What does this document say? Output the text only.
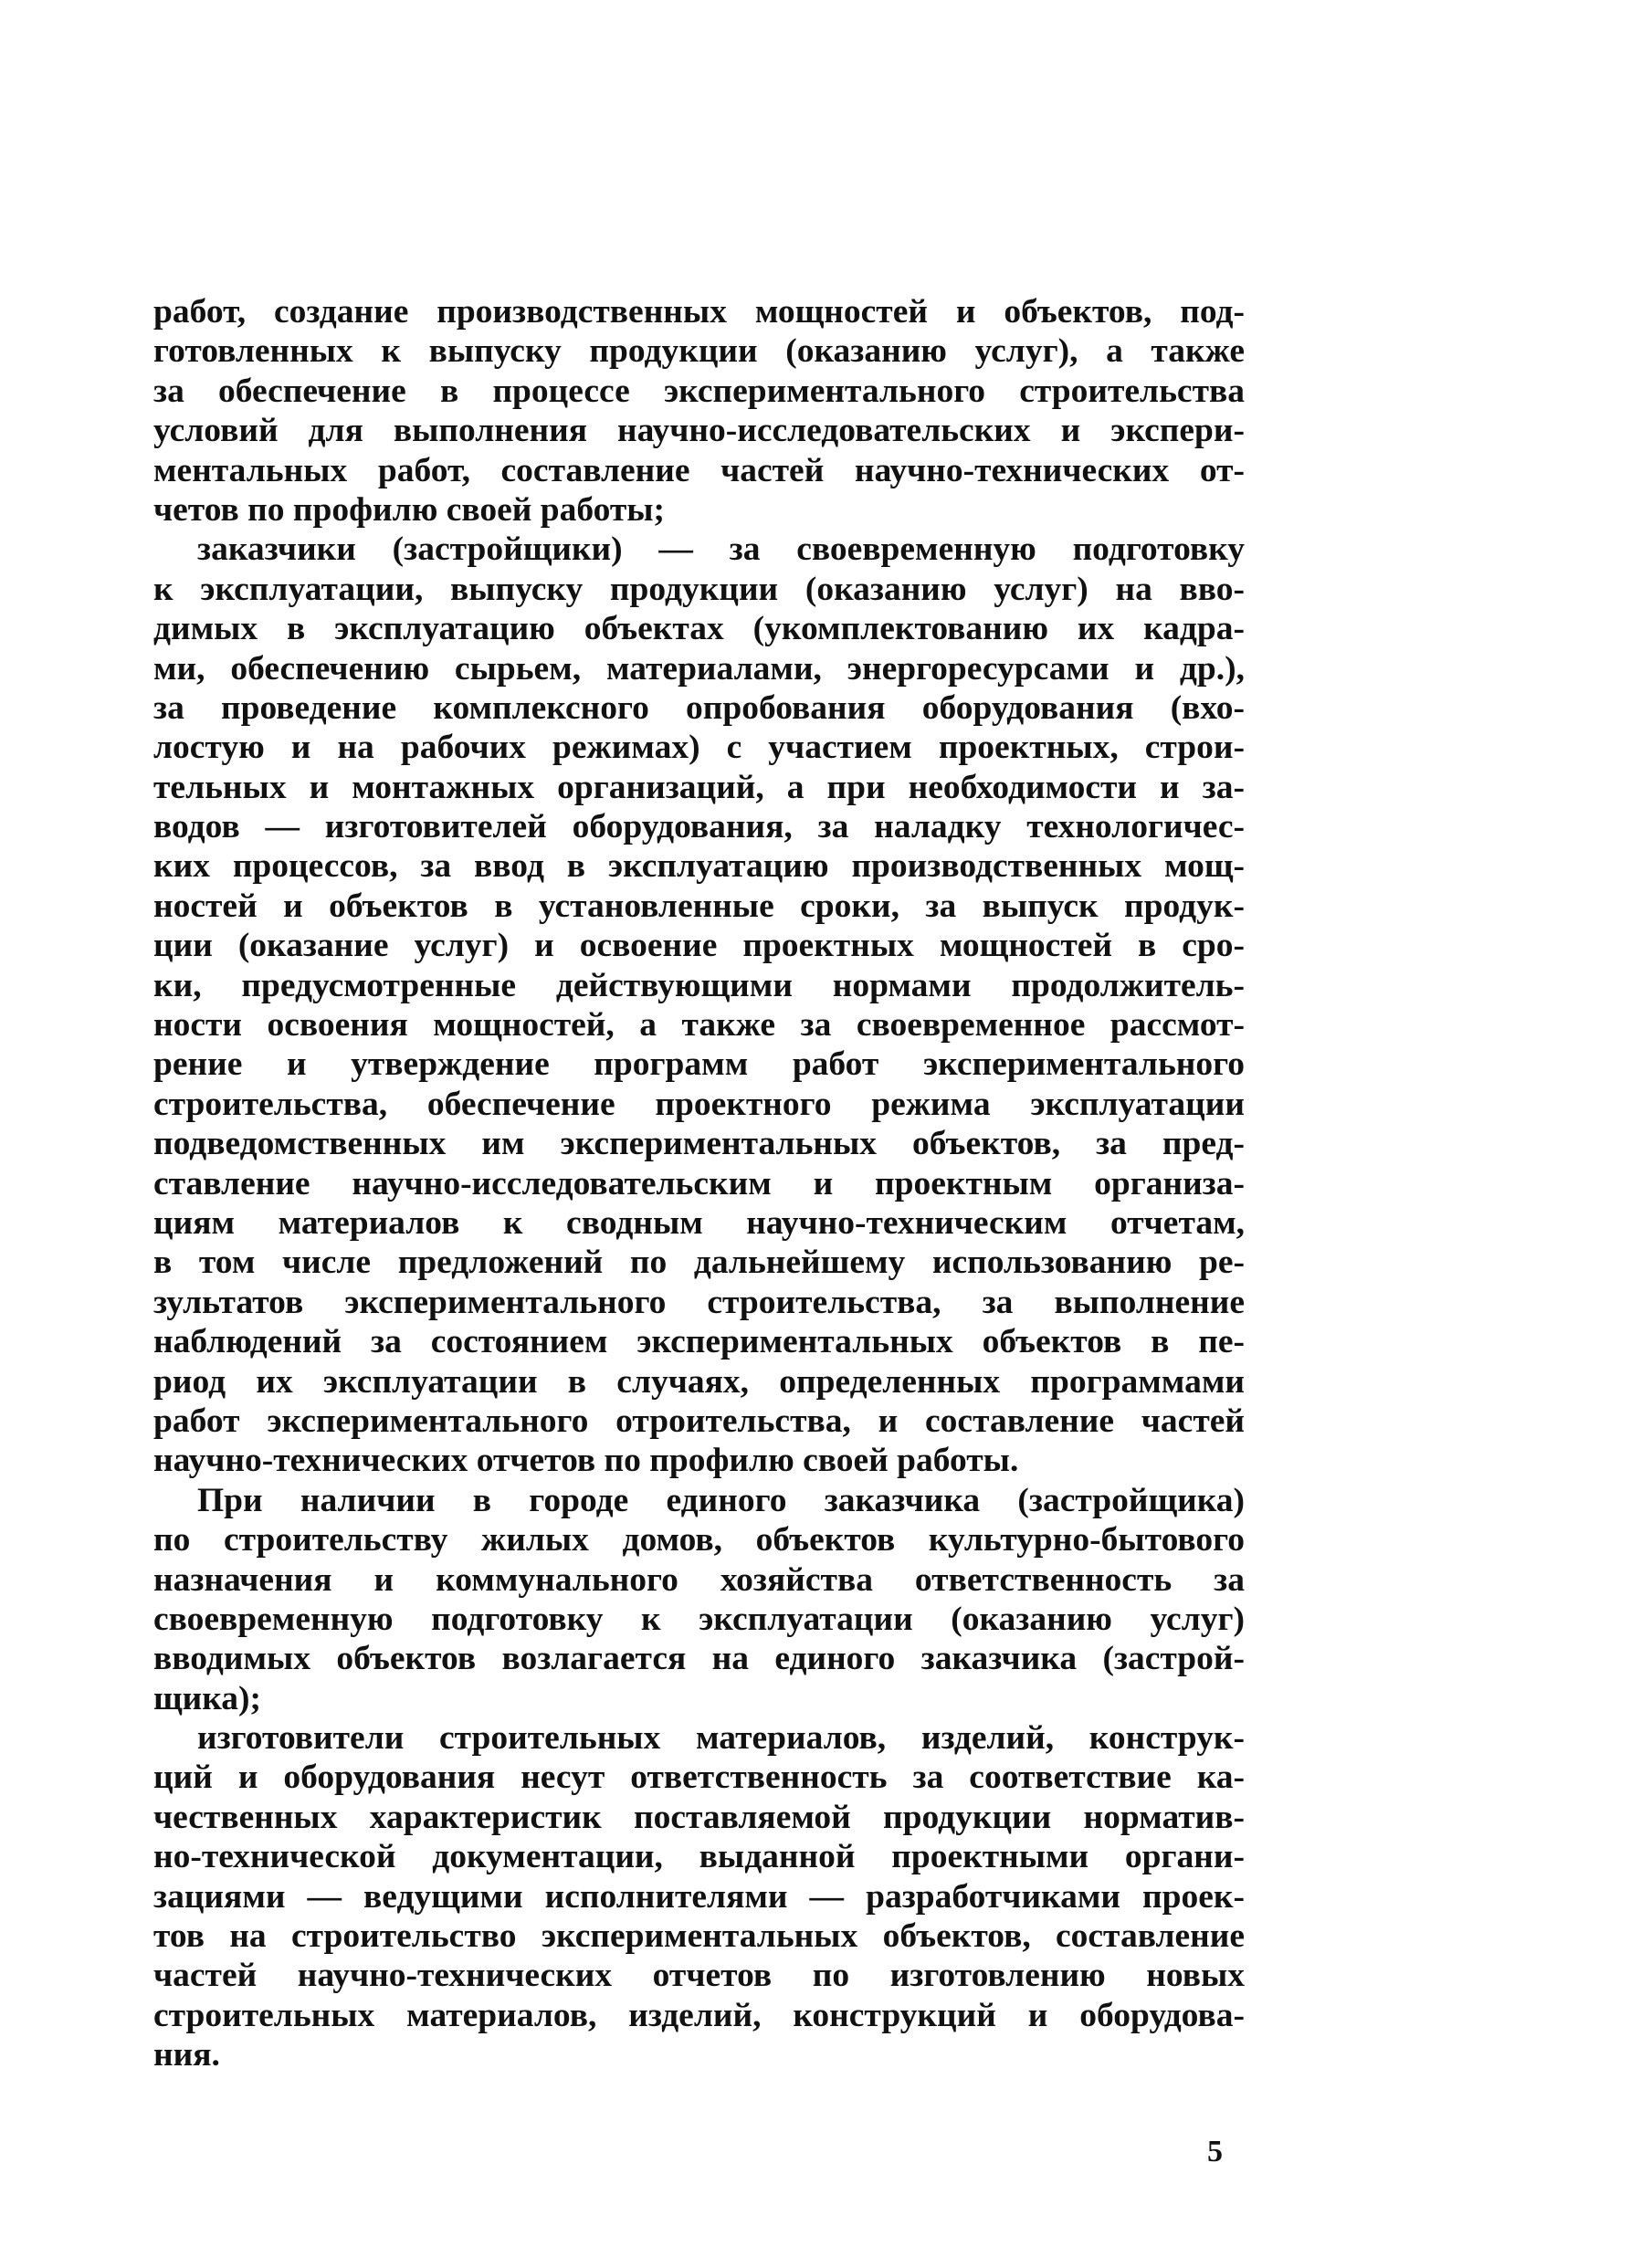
работ, создание производственных мощностей и объектов, под-
готовленных к выпуску продукции (оказанию услуг), а также
за обеспечение в процессе экспериментального строительства
условий для выполнения научно-исследовательских и экспери-
ментальных работ, составление частей научно-технических от-
четов по профилю своей работы;
заказчики (застройщики) — за своевременную подготовку
к эксплуатации, выпуску продукции (оказанию услуг) на вво-
димых в эксплуатацию объектах (укомплектованию их кадра-
ми, обеспечению сырьем, материалами, энергоресурсами и др.),
за проведение комплексного опробования оборудования (вхо-
лостую и на рабочих режимах) с участием проектных, строи-
тельных и монтажных организаций, а при необходимости и за-
водов — изготовителей оборудования, за наладку технологичес-
ких процессов, за ввод в эксплуатацию производственных мощ-
ностей и объектов в установленные сроки, за выпуск продук-
ции (оказание услуг) и освоение проектных мощностей в сро-
ки, предусмотренные действующими нормами продолжитель-
ности освоения мощностей, а также за своевременное рассмот-
рение и утверждение программ работ экспериментального
строительства, обеспечение проектного режима эксплуатации
подведомственных им экспериментальных объектов, за пред-
ставление научно-исследовательским и проектным организа-
циям материалов к сводным научно-техническим отчетам,
в том числе предложений по дальнейшему использованию ре-
зультатов экспериментального строительства, за выполнение
наблюдений за состоянием экспериментальных объектов в пе-
риод их эксплуатации в случаях, определенных программами
работ экспериментального отроительства, и составление частей
научно-технических отчетов по профилю своей работы.
При наличии в городе единого заказчика (застройщика)
по строительству жилых домов, объектов культурно-бытового
назначения и коммунального хозяйства ответственность за
своевременную подготовку к эксплуатации (оказанию услуг)
вводимых объектов возлагается на единого заказчика (застрой-
щика);
изготовители строительных материалов, изделий, конструк-
ций и оборудования несут ответственность за соответствие ка-
чественных характеристик поставляемой продукции норматив-
но-технической документации, выданной проектными органи-
зациями — ведущими исполнителями — разработчиками проек-
тов на строительство экспериментальных объектов, составление
частей научно-технических отчетов по изготовлению новых
строительных материалов, изделий, конструкций и оборудова-
ния.
5
